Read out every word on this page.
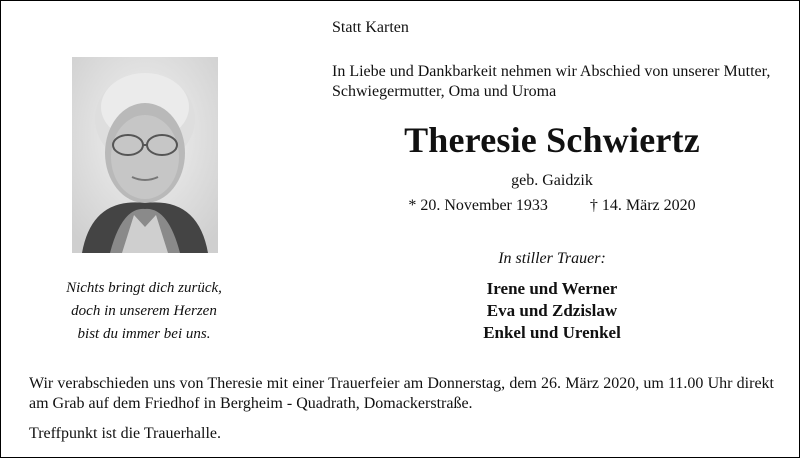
Statt Karten
In Liebe und Dankbarkeit nehmen wir Abschied von unserer Mutter, Schwiegermutter, Oma und Uroma
Nichts bringt dich zurück,
doch in unserem Herzen
bist du immer bei uns.
Theresie Schwiertz
geb. Gaidzik
* 20. November 1933	† 14. März 2020
In stiller Trauer:
Irene und Werner
Eva und Zdzislaw
Enkel und Urenkel
Wir verabschieden uns von Theresie mit einer Trauerfeier am Donnerstag, dem 26. März 2020, um 11.00 Uhr direkt am Grab auf dem Friedhof in Bergheim - Quadrath, Domackerstraße.
Treffpunkt ist die Trauerhalle.
